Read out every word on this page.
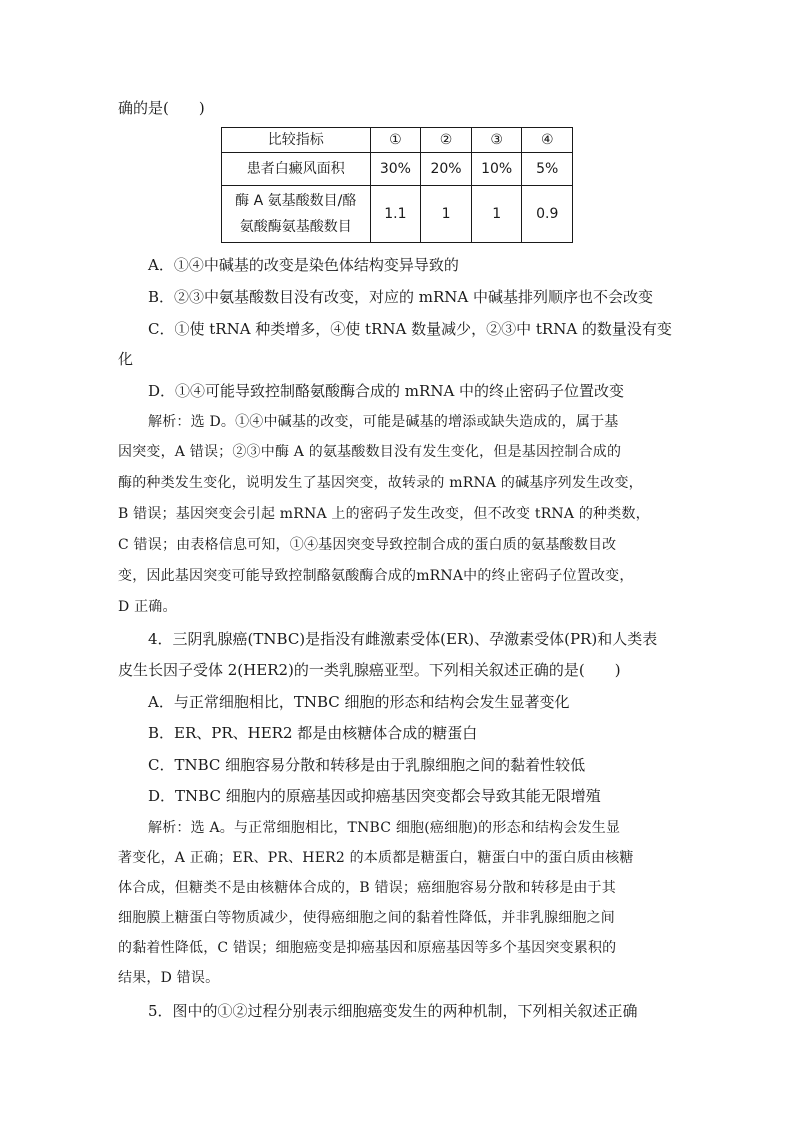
确的是(　　)
比较指标	①	②	③	④
患者白癜风面积	30%	20%	10%	5%

酶 A 氨基酸数目/酪
氨酸酶氨基酸数目	1.1	1	1	0.9
A．①④中碱基的改变是染色体结构变异导致的
B．②③中氨基酸数目没有改变，对应的 mRNA 中碱基排列顺序也不会改变
C．①使 tRNA 种类增多，④使 tRNA 数量减少，②③中 tRNA 的数量没有变
化
D．①④可能导致控制酪氨酸酶合成的 mRNA 中的终止密码子位置改变
解析：选 D。①④中碱基的改变，可能是碱基的增添或缺失造成的，属于基
因突变，A 错误；②③中酶 A 的氨基酸数目没有发生变化，但是基因控制合成的
酶的种类发生变化，说明发生了基因突变，故转录的 mRNA 的碱基序列发生改变，
B 错误；基因突变会引起 mRNA 上的密码子发生改变，但不改变 tRNA 的种类数，
C 错误；由表格信息可知，①④基因突变导致控制合成的蛋白质的氨基酸数目改
变，因此基因突变可能导致控制酪氨酸酶合成的mRNA中的终止密码子位置改变，
D 正确。
4．三阴乳腺癌(TNBC)是指没有雌激素受体(ER)、孕激素受体(PR)和人类表
皮生长因子受体 2(HER2)的一类乳腺癌亚型。下列相关叙述正确的是(　　)
A．与正常细胞相比，TNBC 细胞的形态和结构会发生显著变化
B．ER、PR、HER2 都是由核糖体合成的糖蛋白
C．TNBC 细胞容易分散和转移是由于乳腺细胞之间的黏着性较低
D．TNBC 细胞内的原癌基因或抑癌基因突变都会导致其能无限增殖
解析：选 A。与正常细胞相比，TNBC 细胞(癌细胞)的形态和结构会发生显
著变化，A 正确；ER、PR、HER2 的本质都是糖蛋白，糖蛋白中的蛋白质由核糖
体合成，但糖类不是由核糖体合成的，B 错误；癌细胞容易分散和转移是由于其
细胞膜上糖蛋白等物质减少，使得癌细胞之间的黏着性降低，并非乳腺细胞之间
的黏着性降低，C 错误；细胞癌变是抑癌基因和原癌基因等多个基因突变累积的
结果，D 错误。
5．图中的①②过程分别表示细胞癌变发生的两种机制，下列相关叙述正确
